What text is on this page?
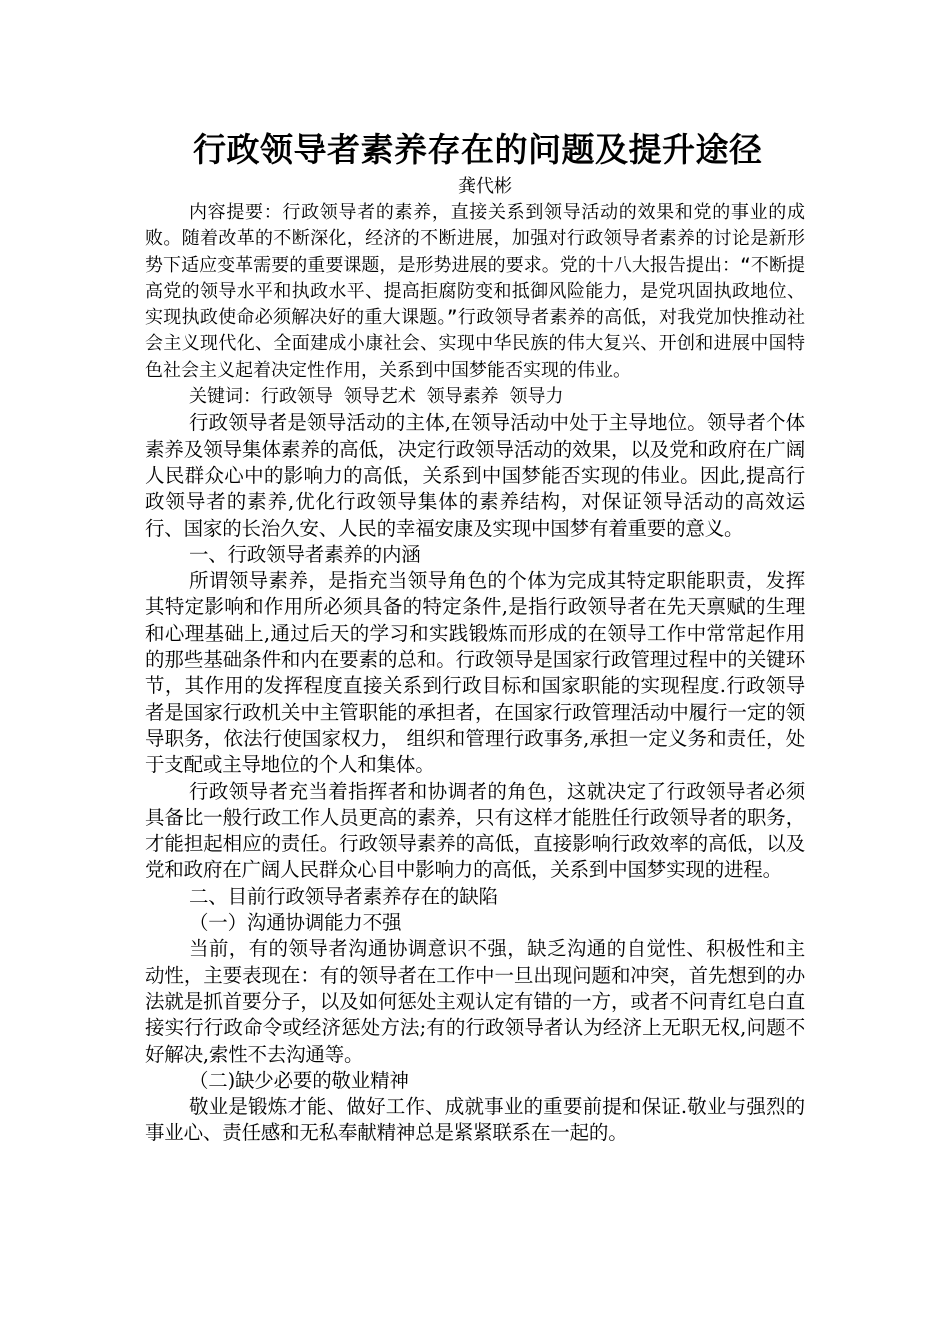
行政领导者素养存在的问题及提升途径

龚代彬

内容提要：行政领导者的素养，直接关系到领导活动的效果和党的事业的成败。随着改革的不断深化，经济的不断进展，加强对行政领导者素养的讨论是新形势下适应变革需要的重要课题，是形势进展的要求。党的十八大报告提出：“不断提高党的领导水平和执政水平、提高拒腐防变和抵御风险能力，是党巩固执政地位、实现执政使命必须解决好的重大课题。”行政领导者素养的高低，对我党加快推动社会主义现代化、全面建成小康社会、实现中华民族的伟大复兴、开创和进展中国特色社会主义起着决定性作用，关系到中国梦能否实现的伟业。

关键词：行政领导 领导艺术 领导素养 领导力

行政领导者是领导活动的主体,在领导活动中处于主导地位。领导者个体素养及领导集体素养的高低，决定行政领导活动的效果，以及党和政府在广阔人民群众心中的影响力的高低，关系到中国梦能否实现的伟业。因此,提高行政领导者的素养,优化行政领导集体的素养结构，对保证领导活动的高效运行、国家的长治久安、人民的幸福安康及实现中国梦有着重要的意义。

一、行政领导者素养的内涵

所谓领导素养，是指充当领导角色的个体为完成其特定职能职责，发挥其特定影响和作用所必须具备的特定条件,是指行政领导者在先天禀赋的生理和心理基础上,通过后天的学习和实践锻炼而形成的在领导工作中常常起作用的那些基础条件和内在要素的总和。行政领导是国家行政管理过程中的关键环节，其作用的发挥程度直接关系到行政目标和国家职能的实现程度.行政领导者是国家行政机关中主管职能的承担者，在国家行政管理活动中履行一定的领导职务，依法行使国家权力， 组织和管理行政事务,承担一定义务和责任，处于支配或主导地位的个人和集体。

行政领导者充当着指挥者和协调者的角色，这就决定了行政领导者必须具备比一般行政工作人员更高的素养，只有这样才能胜任行政领导者的职务，才能担起相应的责任。行政领导素养的高低，直接影响行政效率的高低，以及党和政府在广阔人民群众心目中影响力的高低，关系到中国梦实现的进程。

二、目前行政领导者素养存在的缺陷

（一）沟通协调能力不强

当前，有的领导者沟通协调意识不强，缺乏沟通的自觉性、积极性和主动性，主要表现在：有的领导者在工作中一旦出现问题和冲突，首先想到的办法就是抓首要分子，以及如何惩处主观认定有错的一方，或者不问青红皂白直接实行行政命令或经济惩处方法;有的行政领导者认为经济上无职无权,问题不好解决,索性不去沟通等。

（二)缺少必要的敬业精神

敬业是锻炼才能、做好工作、成就事业的重要前提和保证.敬业与强烈的事业心、责任感和无私奉献精神总是紧紧联系在一起的。
